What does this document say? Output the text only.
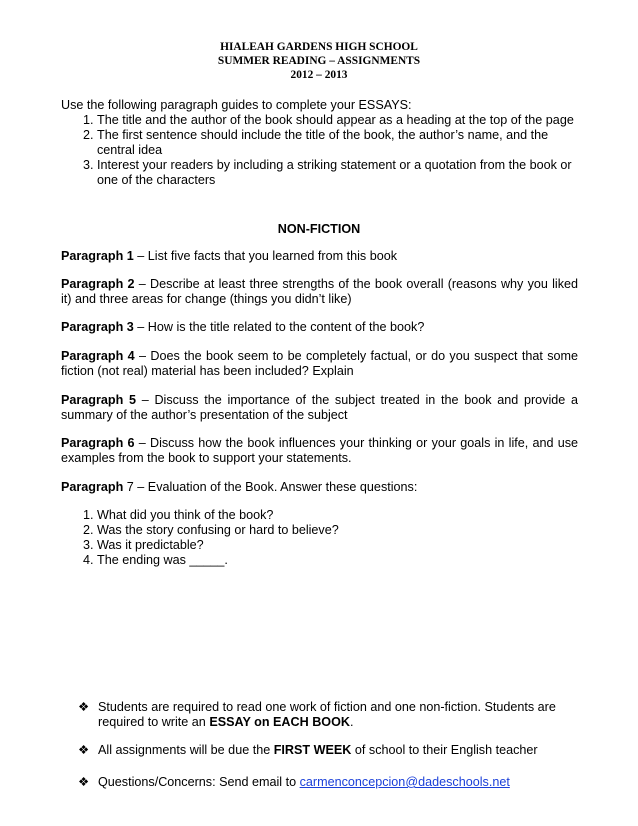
HIALEAH GARDENS HIGH SCHOOL
SUMMER READING – ASSIGNMENTS
2012 – 2013
Use the following paragraph guides to complete your ESSAYS:
1. The title and the author of the book should appear as a heading at the top of the page
2. The first sentence should include the title of the book, the author’s name, and the central idea
3. Interest your readers by including a striking statement or a quotation from the book or one of the characters
NON-FICTION
Paragraph 1 – List five facts that you learned from this book
Paragraph 2 – Describe at least three strengths of the book overall (reasons why you liked it) and three areas for change (things you didn’t like)
Paragraph 3 – How is the title related to the content of the book?
Paragraph 4 – Does the book seem to be completely factual, or do you suspect that some fiction (not real) material has been included? Explain
Paragraph 5 – Discuss the importance of the subject treated in the book and provide a summary of the author’s presentation of the subject
Paragraph 6 – Discuss how the book influences your thinking or your goals in life, and use examples from the book to support your statements.
Paragraph 7 – Evaluation of the Book. Answer these questions:
1. What did you think of the book?
2. Was the story confusing or hard to believe?
3. Was it predictable?
4. The ending was _____.
❖ Students are required to read one work of fiction and one non-fiction. Students are required to write an ESSAY on EACH BOOK.
❖ All assignments will be due the FIRST WEEK of school to their English teacher
❖ Questions/Concerns: Send email to carmenconcepcion@dadeschools.net
